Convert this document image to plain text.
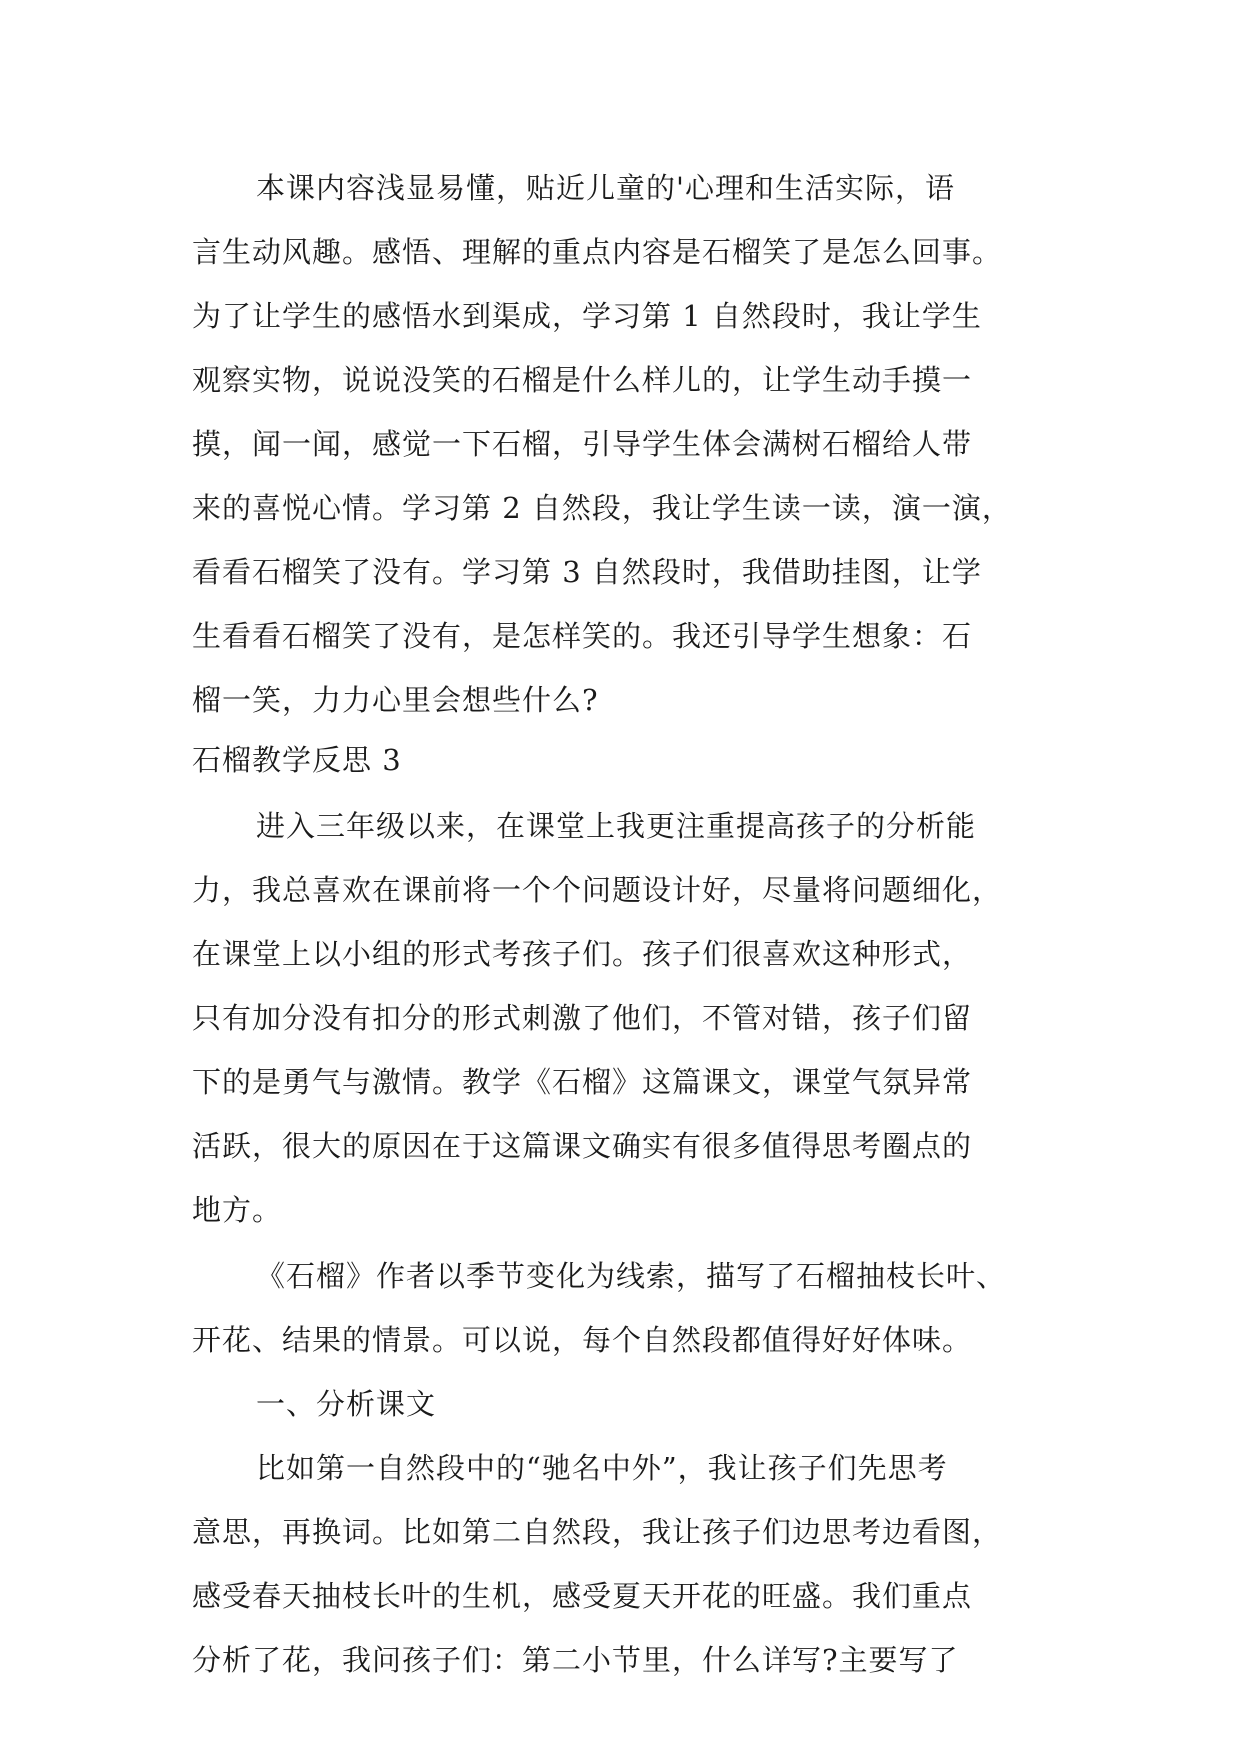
本课内容浅显易懂，贴近儿童的'心理和生活实际，语
言生动风趣。感悟、理解的重点内容是石榴笑了是怎么回事。
为了让学生的感悟水到渠成，学习第 1 自然段时，我让学生
观察实物，说说没笑的石榴是什么样儿的，让学生动手摸一
摸，闻一闻，感觉一下石榴，引导学生体会满树石榴给人带
来的喜悦心情。学习第 2 自然段，我让学生读一读，演一演，
看看石榴笑了没有。学习第 3 自然段时，我借助挂图，让学
生看看石榴笑了没有，是怎样笑的。我还引导学生想象：石
榴一笑，力力心里会想些什么?
石榴教学反思 3
进入三年级以来，在课堂上我更注重提高孩子的分析能
力，我总喜欢在课前将一个个问题设计好，尽量将问题细化，
在课堂上以小组的形式考孩子们。孩子们很喜欢这种形式，
只有加分没有扣分的形式刺激了他们，不管对错，孩子们留
下的是勇气与激情。教学《石榴》这篇课文，课堂气氛异常
活跃，很大的原因在于这篇课文确实有很多值得思考圈点的
地方。
《石榴》作者以季节变化为线索，描写了石榴抽枝长叶、
开花、结果的情景。可以说，每个自然段都值得好好体味。
一、分析课文
比如第一自然段中的“驰名中外”，我让孩子们先思考
意思，再换词。比如第二自然段，我让孩子们边思考边看图，
感受春天抽枝长叶的生机，感受夏天开花的旺盛。我们重点
分析了花，我问孩子们：第二小节里，什么详写?主要写了
